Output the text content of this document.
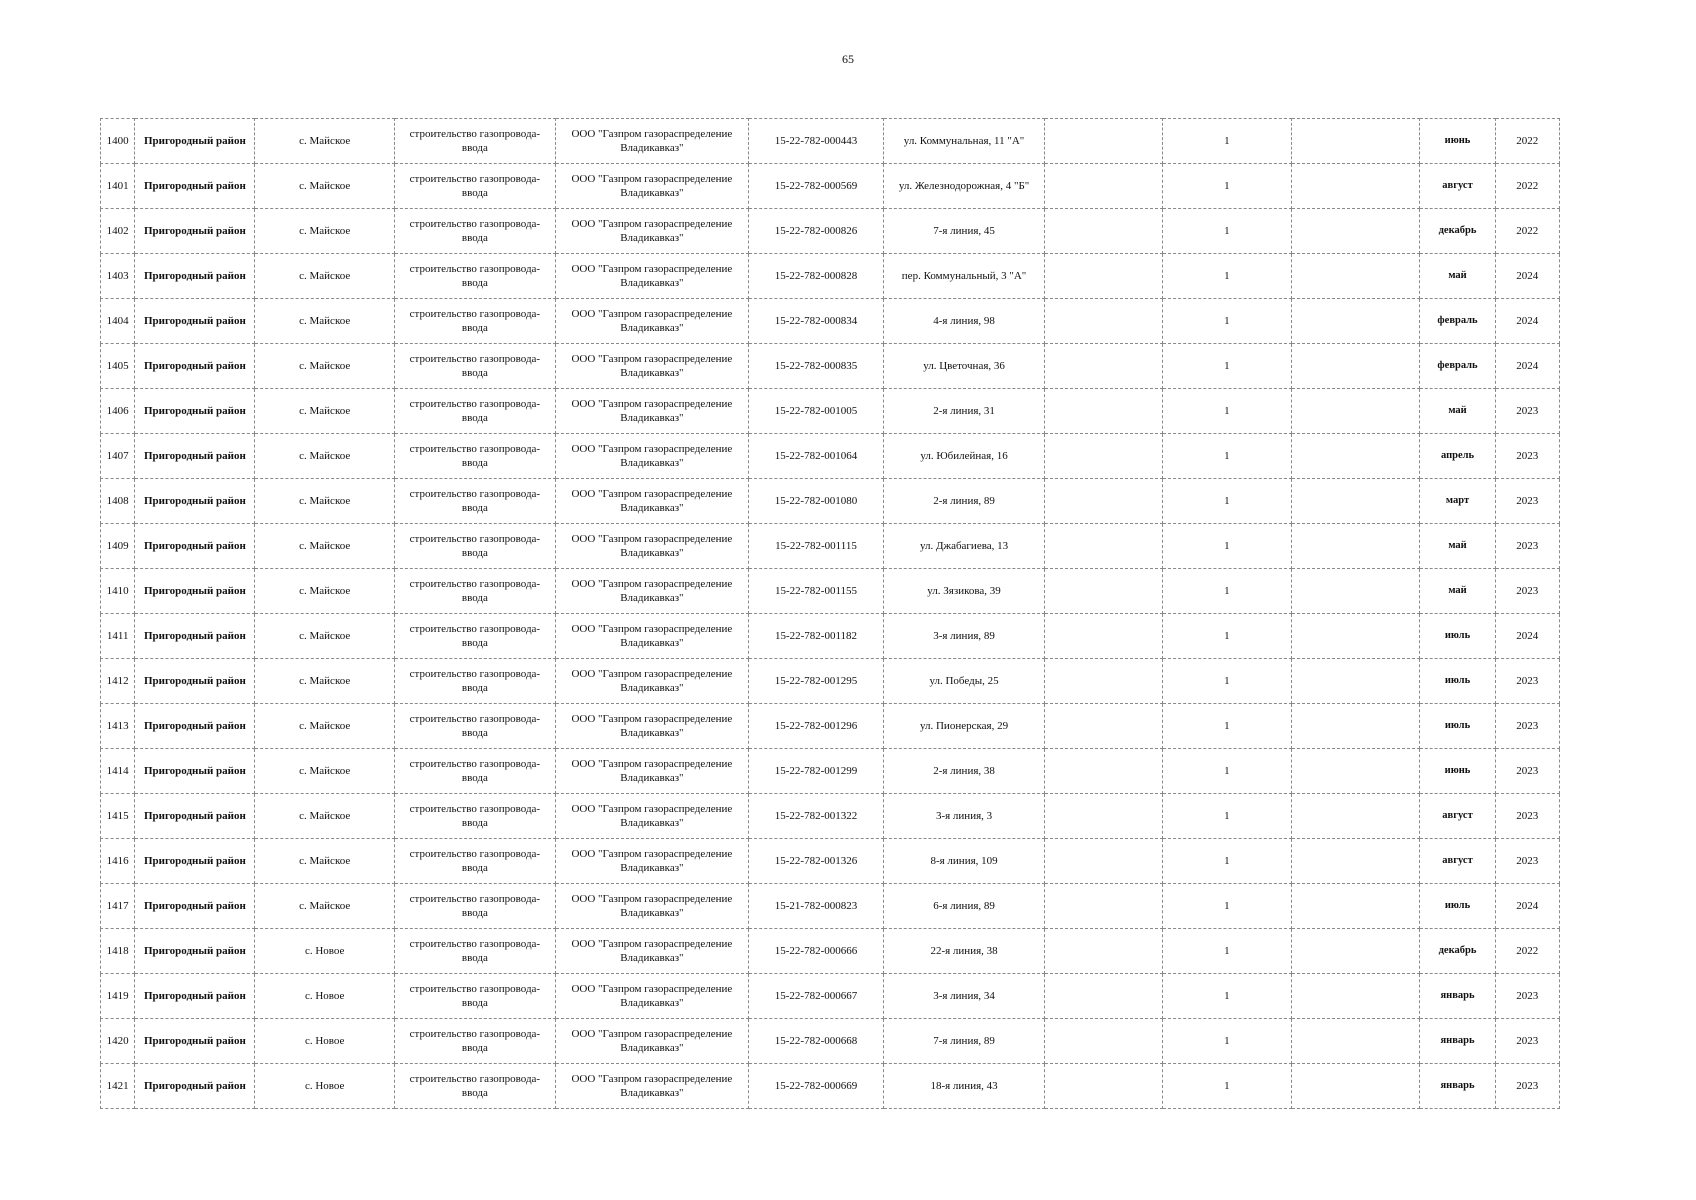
65
1400	Пригородный район	с. Майское	строительство газопровода-ввода	ООО "Газпром газораспределение Владикавказ"	15-22-782-000443	ул. Коммунальная, 11 "А"		1		июнь	2022
1401	Пригородный район	с. Майское	строительство газопровода-ввода	ООО "Газпром газораспределение Владикавказ"	15-22-782-000569	ул. Железнодорожная, 4 "Б"		1		август	2022
1402	Пригородный район	с. Майское	строительство газопровода-ввода	ООО "Газпром газораспределение Владикавказ"	15-22-782-000826	7-я линия, 45		1		декабрь	2022
1403	Пригородный район	с. Майское	строительство газопровода-ввода	ООО "Газпром газораспределение Владикавказ"	15-22-782-000828	пер. Коммунальный, 3 "А"		1		май	2024
1404	Пригородный район	с. Майское	строительство газопровода-ввода	ООО "Газпром газораспределение Владикавказ"	15-22-782-000834	4-я линия, 98		1		февраль	2024
1405	Пригородный район	с. Майское	строительство газопровода-ввода	ООО "Газпром газораспределение Владикавказ"	15-22-782-000835	ул. Цветочная, 36		1		февраль	2024
1406	Пригородный район	с. Майское	строительство газопровода-ввода	ООО "Газпром газораспределение Владикавказ"	15-22-782-001005	2-я линия, 31		1		май	2023
1407	Пригородный район	с. Майское	строительство газопровода-ввода	ООО "Газпром газораспределение Владикавказ"	15-22-782-001064	ул. Юбилейная, 16		1		апрель	2023
1408	Пригородный район	с. Майское	строительство газопровода-ввода	ООО "Газпром газораспределение Владикавказ"	15-22-782-001080	2-я линия, 89		1		март	2023
1409	Пригородный район	с. Майское	строительство газопровода-ввода	ООО "Газпром газораспределение Владикавказ"	15-22-782-001115	ул. Джабагиева, 13		1		май	2023
1410	Пригородный район	с. Майское	строительство газопровода-ввода	ООО "Газпром газораспределение Владикавказ"	15-22-782-001155	ул. Зязикова, 39		1		май	2023
1411	Пригородный район	с. Майское	строительство газопровода-ввода	ООО "Газпром газораспределение Владикавказ"	15-22-782-001182	3-я линия, 89		1		июль	2024
1412	Пригородный район	с. Майское	строительство газопровода-ввода	ООО "Газпром газораспределение Владикавказ"	15-22-782-001295	ул. Победы, 25		1		июль	2023
1413	Пригородный район	с. Майское	строительство газопровода-ввода	ООО "Газпром газораспределение Владикавказ"	15-22-782-001296	ул. Пионерская, 29		1		июль	2023
1414	Пригородный район	с. Майское	строительство газопровода-ввода	ООО "Газпром газораспределение Владикавказ"	15-22-782-001299	2-я линия, 38		1		июнь	2023
1415	Пригородный район	с. Майское	строительство газопровода-ввода	ООО "Газпром газораспределение Владикавказ"	15-22-782-001322	3-я линия, 3		1		август	2023
1416	Пригородный район	с. Майское	строительство газопровода-ввода	ООО "Газпром газораспределение Владикавказ"	15-22-782-001326	8-я линия, 109		1		август	2023
1417	Пригородный район	с. Майское	строительство газопровода-ввода	ООО "Газпром газораспределение Владикавказ"	15-21-782-000823	6-я линия, 89		1		июль	2024
1418	Пригородный район	с. Новое	строительство газопровода-ввода	ООО "Газпром газораспределение Владикавказ"	15-22-782-000666	22-я линия, 38		1		декабрь	2022
1419	Пригородный район	с. Новое	строительство газопровода-ввода	ООО "Газпром газораспределение Владикавказ"	15-22-782-000667	3-я линия, 34		1		январь	2023
1420	Пригородный район	с. Новое	строительство газопровода-ввода	ООО "Газпром газораспределение Владикавказ"	15-22-782-000668	7-я линия, 89		1		январь	2023
1421	Пригородный район	с. Новое	строительство газопровода-ввода	ООО "Газпром газораспределение Владикавказ"	15-22-782-000669	18-я линия, 43		1		январь	2023
